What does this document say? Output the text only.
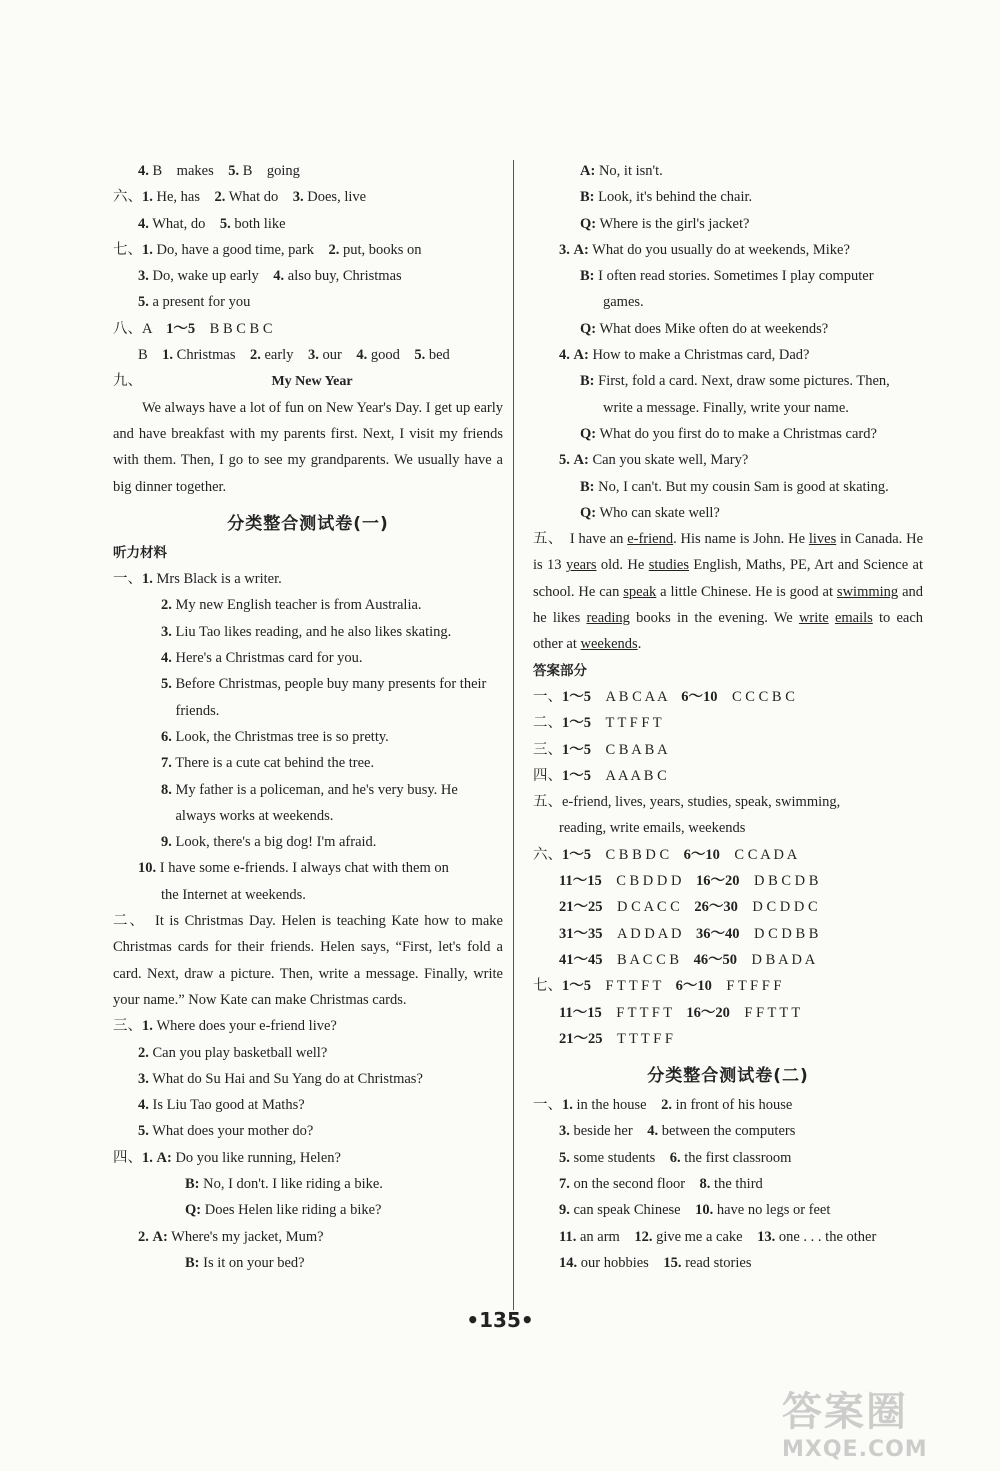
4. B　makes　5. B　going
六、1. He, has　2. What do　3. Does, live
4. What, do　5. both like
七、1. Do, have a good time, park　2. put, books on
3. Do, wake up early　4. also buy, Christmas
5. a present for you
八、A　1～5　B B C B C
B　1. Christmas　2. early　3. our　4. good　5. bed
九、	My New Year
We always have a lot of fun on New Year's Day. I get up early and have breakfast with my parents first. Next, I visit my friends with them. Then, I go to see my grandparents. We usually have a big dinner together.
分类整合测试卷(一)
听力材料
一、1. Mrs Black is a writer.
2. My new English teacher is from Australia.
3. Liu Tao likes reading, and he also likes skating.
4. Here's a Christmas card for you.
5. Before Christmas, people buy many presents for their
　friends.
6. Look, the Christmas tree is so pretty.
7. There is a cute cat behind the tree.
8. My father is a policeman, and he's very busy. He
　always works at weekends.
9. Look, there's a big dog! I'm afraid.
10. I have some e-friends. I always chat with them on
the Internet at weekends.
二、　It is Christmas Day. Helen is teaching Kate how to make Christmas cards for their friends. Helen says, “First, let's fold a card. Next, draw a picture. Then, write a message. Finally, write your name.” Now Kate can make Christmas cards.
三、1. Where does your e-friend live?
2. Can you play basketball well?
3. What do Su Hai and Su Yang do at Christmas?
4. Is Liu Tao good at Maths?
5. What does your mother do?
四、1. A: Do you like running, Helen?
B: No, I don't. I like riding a bike.
Q: Does Helen like riding a bike?
2. A: Where's my jacket, Mum?
B: Is it on your bed?
A: No, it isn't.
B: Look, it's behind the chair.
Q: Where is the girl's jacket?
3. A: What do you usually do at weekends, Mike?
B: I often read stories. Sometimes I play computer
games.
Q: What does Mike often do at weekends?
4. A: How to make a Christmas card, Dad?
B: First, fold a card. Next, draw some pictures. Then,
write a message. Finally, write your name.
Q: What do you first do to make a Christmas card?
5. A: Can you skate well, Mary?
B: No, I can't. But my cousin Sam is good at skating.
Q: Who can skate well?
五、　I have an e-friend. His name is John. He lives in Canada. He is 13 years old. He studies English, Maths, PE, Art and Science at school. He can speak a little Chinese. He is good at swimming and he likes reading books in the evening. We write emails to each other at weekends.
答案部分
一、1～5　A B C A A　6～10　C C C B C
二、1～5　T T F F T
三、1～5　C B A B A
四、1～5　A A A B C
五、e-friend, lives, years, studies, speak, swimming,
reading, write emails, weekends
六、1～5　C B B D C　6～10　C C A D A
11～15　C B D D D　16～20　D B C D B
21～25　D C A C C　26～30　D C D D C
31～35　A D D A D　36～40　D C D B B
41～45　B A C C B　46～50　D B A D A
七、1～5　F T T F T　6～10　F T F F F
11～15　F T T F T　16～20　F F T T T
21～25　T T T F F
分类整合测试卷(二)
一、1. in the house　2. in front of his house
3. beside her　4. between the computers
5. some students　6. the first classroom
7. on the second floor　8. the third
9. can speak Chinese　10. have no legs or feet
11. an arm　12. give me a cake　13. one . . . the other
14. our hobbies　15. read stories
•135•
答案圈
MXQE.COM
